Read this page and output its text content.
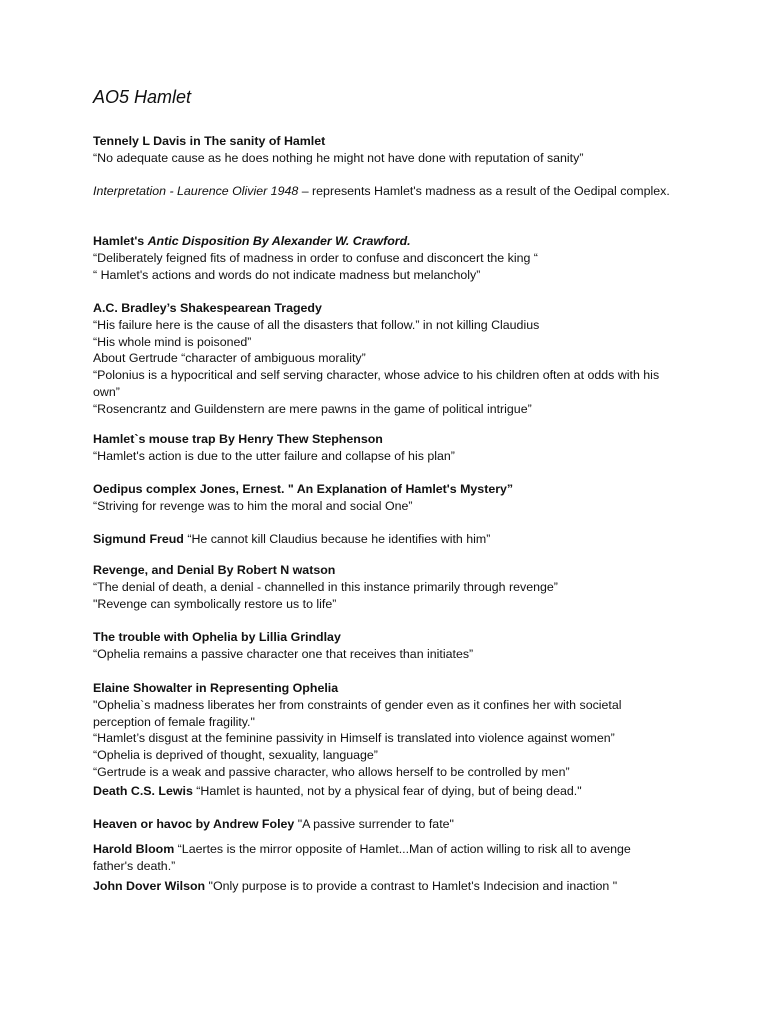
AO5 Hamlet
Tennely L Davis in The sanity of Hamlet
“No adequate cause as he does nothing he might not have done with reputation of sanity”
Interpretation - Laurence Olivier 1948 – represents Hamlet's madness as a result of the Oedipal complex.
Hamlet's Antic Disposition By Alexander W. Crawford.
“Deliberately feigned fits of madness in order to confuse and disconcert the king “
“ Hamlet's actions and words do not indicate madness but melancholy”
A.C. Bradley’s Shakespearean Tragedy
“His failure here is the cause of all the disasters that follow.” in not killing Claudius
“His whole mind is poisoned”
About Gertrude “character of ambiguous morality”
“Polonius is a hypocritical and self serving character, whose advice to his children often at odds with his own”
“Rosencrantz and Guildenstern are mere pawns in the game of political intrigue”
Hamlet`s mouse trap By Henry Thew Stephenson
“Hamlet's action is due to the utter failure and collapse of his plan”
Oedipus complex Jones, Ernest. " An Explanation of Hamlet's Mystery”
“Striving for revenge was to him the moral and social One”
Sigmund Freud “He cannot kill Claudius because he identifies with him”
Revenge, and Denial By Robert N watson
“The denial of death, a denial - channelled in this instance primarily through revenge”
"Revenge can symbolically restore us to life”
The trouble with Ophelia by Lillia Grindlay
“Ophelia remains a passive character one that receives than initiates”
Elaine Showalter in Representing Ophelia
"Ophelia`s madness liberates her from constraints of gender even as it confines her with societal perception of female fragility."
“Hamlet’s disgust at the feminine passivity in Himself is translated into violence against women”
“Ophelia is deprived of thought, sexuality, language”
“Gertrude is a weak and passive character, who allows herself to be controlled by men”
Death C.S. Lewis “Hamlet is haunted, not by a physical fear of dying, but of being dead."
Heaven or havoc by Andrew Foley "A passive surrender to fate"
Harold Bloom “Laertes is the mirror opposite of Hamlet...Man of action willing to risk all to avenge father's death.”
John Dover Wilson "Only purpose is to provide a contrast to Hamlet's Indecision and inaction "
